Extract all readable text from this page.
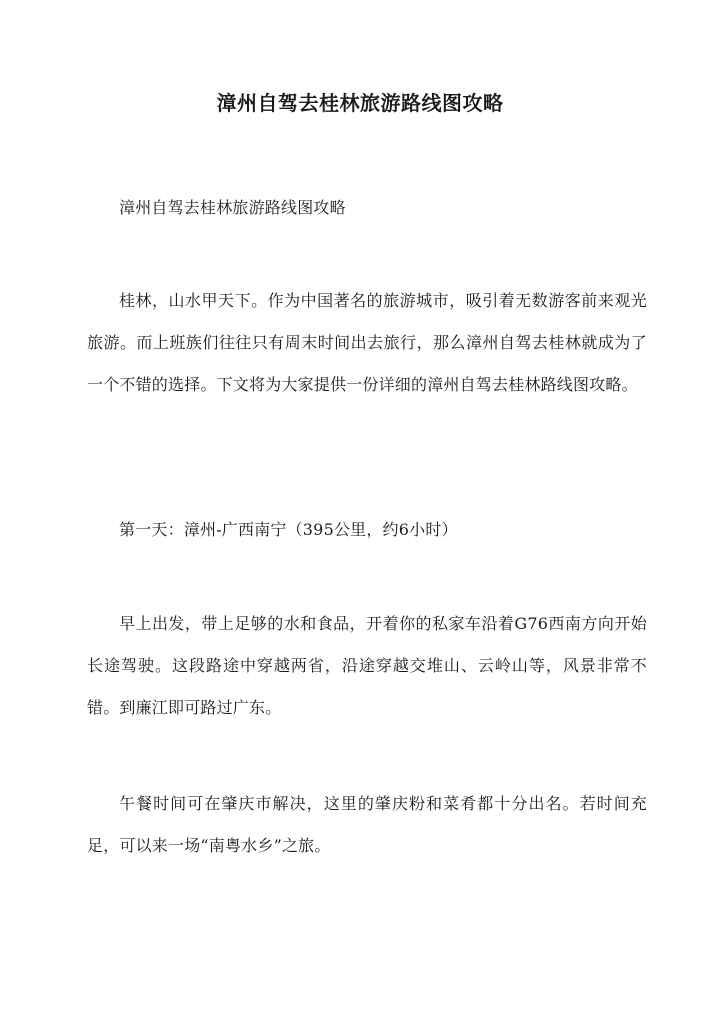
漳州自驾去桂林旅游路线图攻略

漳州自驾去桂林旅游路线图攻略

桂林，山水甲天下。作为中国著名的旅游城市，吸引着无数游客前来观光旅游。而上班族们往往只有周末时间出去旅行，那么漳州自驾去桂林就成为了一个不错的选择。下文将为大家提供一份详细的漳州自驾去桂林路线图攻略。

第一天：漳州-广西南宁（395公里，约6小时）

早上出发，带上足够的水和食品，开着你的私家车沿着G76西南方向开始长途驾驶。这段路途中穿越两省，沿途穿越交堆山、云岭山等，风景非常不错。到廉江即可路过广东。

午餐时间可在肇庆市解决，这里的肇庆粉和菜肴都十分出名。若时间充足，可以来一场“南粤水乡”之旅。
